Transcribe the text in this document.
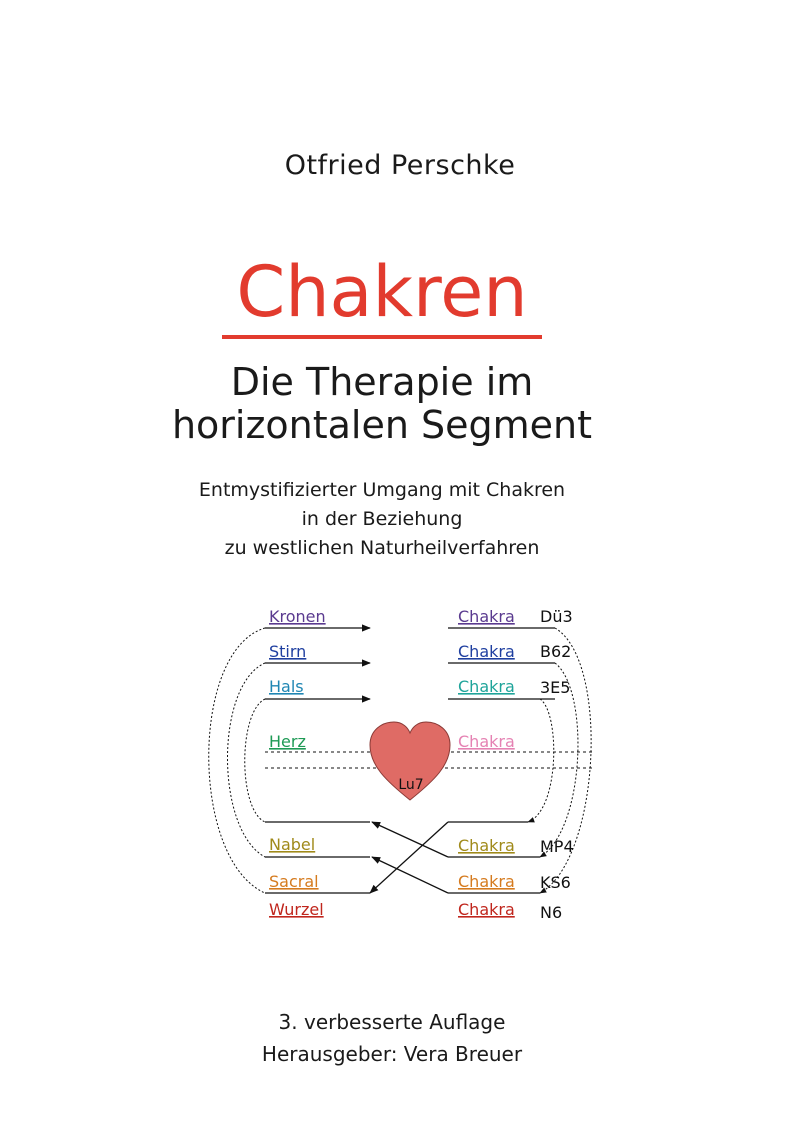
Otfried Perschke
Chakren
Die Therapie im
horizontalen Segment
Entmystifizierter Umgang mit Chakren
in der Beziehung
zu westlichen Naturheilverfahren
Lu7
Kronen
Stirn
Hals
Herz
Nabel
Sacral
Wurzel
Chakra
Chakra
Chakra
Chakra
Chakra
Chakra
Chakra
Dü3
B62
3E5
MP4
KS6
N6
3. verbesserte Auflage
Herausgeber: Vera Breuer
